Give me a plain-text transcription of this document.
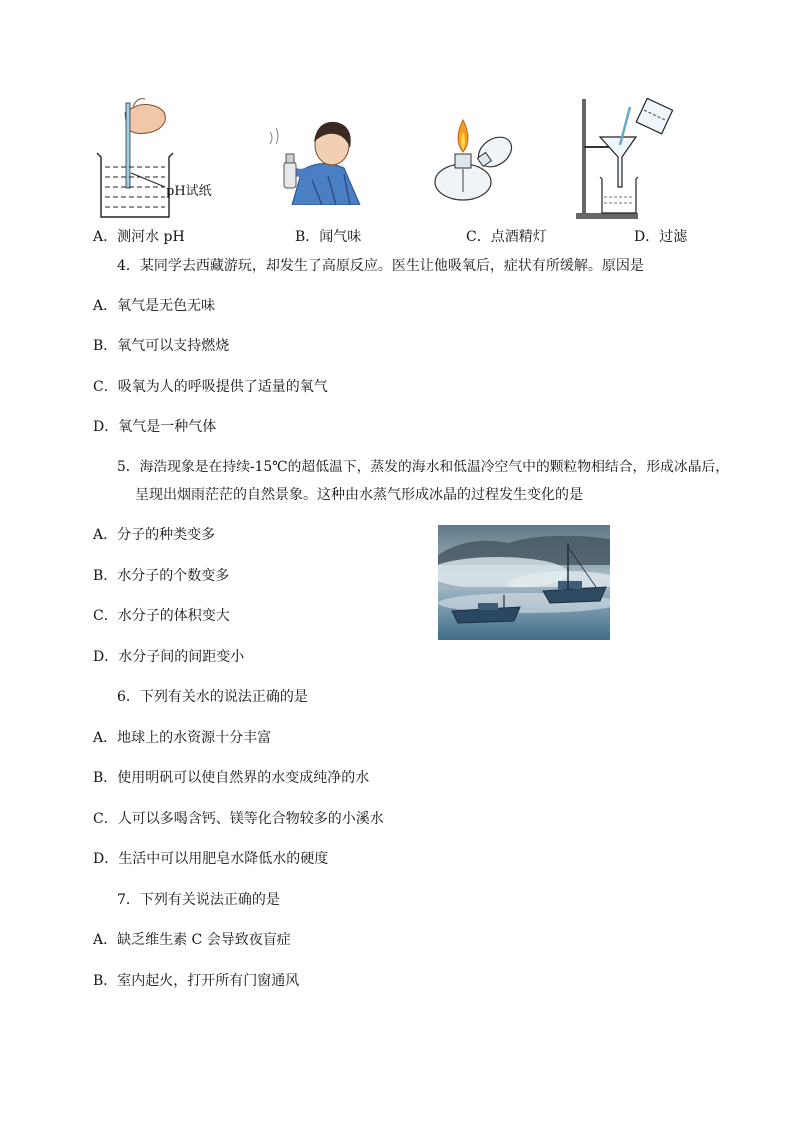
pH试纸
A．测河水 pH	B．闻气味	C．点酒精灯	D．过滤
4．某同学去西藏游玩，却发生了高原反应。医生让他吸氧后，症状有所缓解。原因是
A．氧气是无色无味
B．氧气可以支持燃烧
C．吸氧为人的呼吸提供了适量的氧气
D．氧气是一种气体
5．海浩现象是在持续-15℃的超低温下，蒸发的海水和低温冷空气中的颗粒物相结合，形成冰晶后，
呈现出烟雨茫茫的自然景象。这种由水蒸气形成冰晶的过程发生变化的是
A．分子的种类变多
B．水分子的个数变多
C．水分子的体积变大
D．水分子间的间距变小
6．下列有关水的说法正确的是
A．地球上的水资源十分丰富
B．使用明矾可以使自然界的水变成纯净的水
C．人可以多喝含钙、镁等化合物较多的小溪水
D．生活中可以用肥皂水降低水的硬度
7．下列有关说法正确的是
A．缺乏维生素 C 会导致夜盲症
B．室内起火，打开所有门窗通风
